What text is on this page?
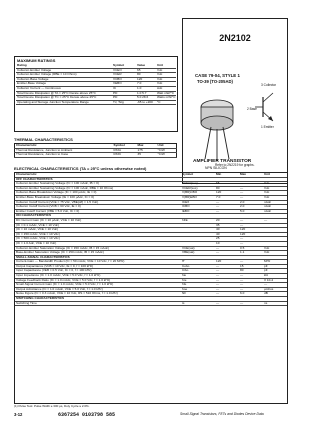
MAXIMUM RATINGS
Rating	Symbol	Value	Unit
Collector-Emitter Voltage	VCEO	65	Vdc
Collector-Emitter Voltage (RBE = 10 Ohms)	VCER	80	Vdc
Collector-Base Voltage	VCBO	120	Vdc
Emitter-Base Voltage	VEBO	7.0	Vdc
Collector Current — Continuous	IC	1.0	Adc
Total Device Dissipation @ TA = 25°C Derate above 25°C	PD	1.0 5.7	Watt mW/°C
Total Device Dissipation @ TC = 25°C Derate above 25°C	PD	5.0 28.6	Watts mW/°C
Operating and Storage Junction Temperature Range	TJ, Tstg	-65 to +200	°C
2N2102
CASE 79-04, STYLE 1
TO-39 (TO-205AD)
3 Collector
2 Base
1 Emitter
AMPLIFIER TRANSISTOR
NPN SILICON
THERMAL CHARACTERISTICS
Characteristic	Symbol	Max	Unit
Thermal Resistance, Junction to Ambient	RθJA	175	°C/W
Thermal Resistance, Junction to Case	RθJC	35	°C/W
Refer to 2N2219 for graphs.
ELECTRICAL CHARACTERISTICS (TA = 25°C unless otherwise noted)
Characteristic	Symbol	Min	Max	Unit
OFF CHARACTERISTICS				
Collector-Emitter Sustaining Voltage (IC = 100 mAdc, IB = 0)	VCEO(sus)	65	—	Vdc
Collector-Emitter Sustaining Voltage (IC = 100 mAdc, RBE = 10 Ohms)	VCER(sus)	80	—	Vdc
Collector-Base Breakdown Voltage (IC = 100 µAdc, IE = 0)	V(BR)CBO	120	—	Vdc
Emitter-Base Breakdown Voltage (IE = 100 µAdc, IC = 0)	V(BR)EBO	7.0	—	Vdc
Collector Cutoff Current (VCE = 75 Vdc, VBE(off) = 1.5 Vdc)	ICEX	—	2.0	nAdc
Collector Cutoff Current (VCB = 60 Vdc, IE = 0)	ICBO	—	2.0	nAdc
Emitter Cutoff Current (VBE = 5.0 Vdc, IC = 0)	IEBO	—	5.0	nAdc
ON CHARACTERISTICS				
DC Current Gain (IC = 10 µAdc, VCE = 10 Vdc)	hFE	20	—	—
(IC = 0.1 mAdc, VCE = 10 Vdc)		35	—	
(IC = 10 mAdc, VCE = 10 Vdc)		40	120	
(IC = 150 mAdc, VCE = 10 Vdc)		40	120	
(IC = 500 mAdc, VCE = 10 Vdc)		25	—	
(IC = 1.0 Adc, VCE = 10 Vdc)		10	—	
Collector-Emitter Saturation Voltage (IC = 150 mAdc, IB = 15 mAdc)	VCE(sat)	—	0.5	Vdc
Base-Emitter Saturation Voltage (IC = 150 mAdc, IB = 15 mAdc)	VBE(sat)	—	1.1	Vdc
SMALL-SIGNAL CHARACTERISTICS				
Current-Gain — Bandwidth Product (IC = 50 mAdc, VCE = 10 Vdc, f = 20 MHz)	fT	120	—	MHz
Output Capacitance (VCB = 10 Vdc, IE = 0, f = 100 kHz)	Cobo	—	15	pF
Input Capacitance (VEB = 0.5 Vdc, IC = 0, f = 100 kHz)	Cibo	—	80	pF
Input Impedance (IC = 1.0 mAdc, VCE = 5.0 Vdc, f = 1.0 kHz)	hie	—	—	kΩ
Voltage Feedback Ratio (IC = 1.0 mAdc, VCE = 5.0 Vdc, f = 1.0 kHz)	hre	—	—	X 10-4
Small-Signal Current Gain (IC = 1.0 mAdc, VCE = 5.0 Vdc, f = 1.0 kHz)	hfe	—	—	—
Output Admittance (IC = 1.0 mAdc, VCE = 5.0 Vdc, f = 1.0 kHz)	hoe	—	—	µmhos
Noise Figure (IC = 0.3 mAdc, VCE = 10 Vdc, RS = 510 Ohms, f = 1.0 kHz)	NF	—	6.0	dB
SWITCHING CHARACTERISTICS				
Switching Time	ts	—	—	ns
(1) Pulse Test: Pulse Width ≤ 300 µs, Duty Cycle ≤ 2.0%.
3-12	6367254 0103798 585	Small-Signal Transistors, FETs and Diodes Device Data
